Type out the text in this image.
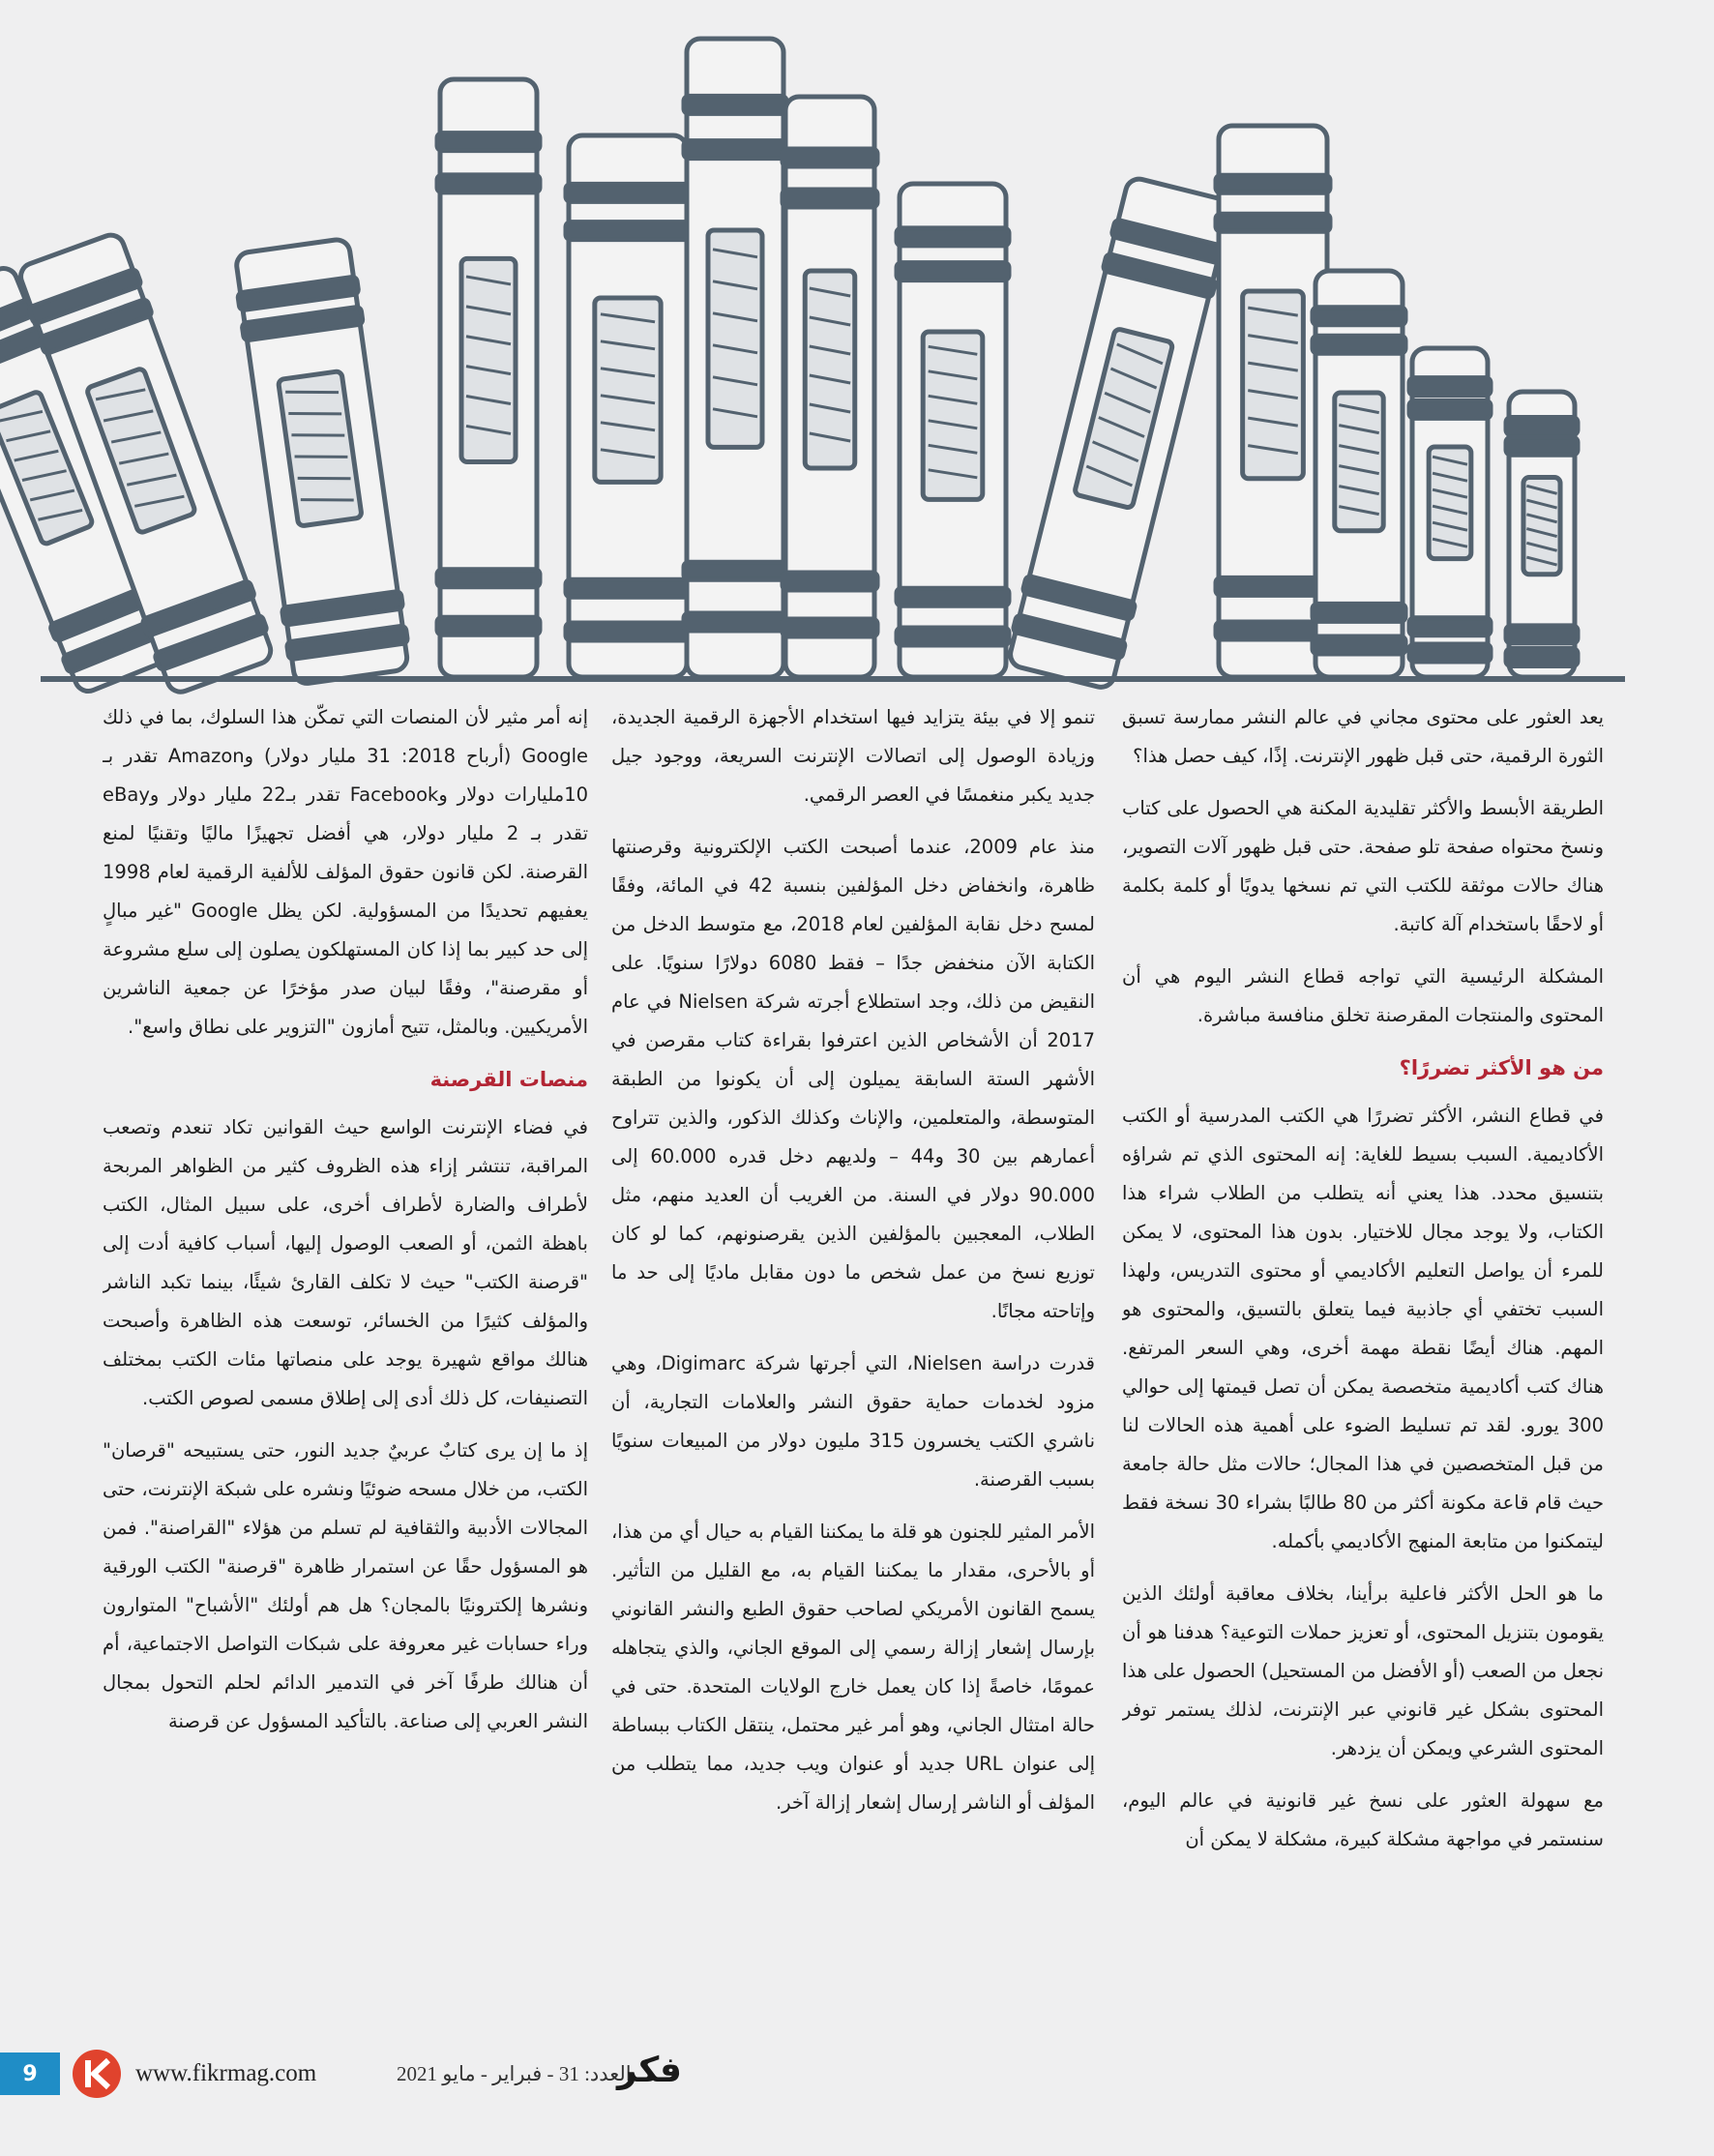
يعد العثور على محتوى مجاني في عالم النشر ممارسة تسبق الثورة الرقمية، حتى قبل ظهور الإنترنت. إذًا، كيف حصل هذا؟

الطريقة الأبسط والأكثر تقليدية المكنة هي الحصول على كتاب ونسخ محتواه صفحة تلو صفحة. حتى قبل ظهور آلات التصوير، هناك حالات موثقة للكتب التي تم نسخها يدويًا أو كلمة بكلمة أو لاحقًا باستخدام آلة كاتبة.

المشكلة الرئيسية التي تواجه قطاع النشر اليوم هي أن المحتوى والمنتجات المقرصنة تخلق منافسة مباشرة.

من هو الأكثر تضررًا؟

في قطاع النشر، الأكثر تضررًا هي الكتب المدرسية أو الكتب الأكاديمية. السبب بسيط للغاية: إنه المحتوى الذي تم شراؤه بتنسيق محدد. هذا يعني أنه يتطلب من الطلاب شراء هذا الكتاب، ولا يوجد مجال للاختيار. بدون هذا المحتوى، لا يمكن للمرء أن يواصل التعليم الأكاديمي أو محتوى التدريس، ولهذا السبب تختفي أي جاذبية فيما يتعلق بالتسيق، والمحتوى هو المهم. هناك أيضًا نقطة مهمة أخرى، وهي السعر المرتفع. هناك كتب أكاديمية متخصصة يمكن أن تصل قيمتها إلى حوالي 300 يورو. لقد تم تسليط الضوء على أهمية هذه الحالات لنا من قبل المتخصصين في هذا المجال؛ حالات مثل حالة جامعة حيث قام قاعة مكونة أكثر من 80 طالبًا بشراء 30 نسخة فقط ليتمكنوا من متابعة المنهج الأكاديمي بأكمله.

ما هو الحل الأكثر فاعلية برأينا، بخلاف معاقبة أولئك الذين يقومون بتنزيل المحتوى، أو تعزيز حملات التوعية؟ هدفنا هو أن نجعل من الصعب (أو الأفضل من المستحيل) الحصول على هذا المحتوى بشكل غير قانوني عبر الإنترنت، لذلك يستمر توفر المحتوى الشرعي ويمكن أن يزدهر.

مع سهولة العثور على نسخ غير قانونية في عالم اليوم، سنستمر في مواجهة مشكلة كبيرة، مشكلة لا يمكن أن

تنمو إلا في بيئة يتزايد فيها استخدام الأجهزة الرقمية الجديدة، وزيادة الوصول إلى اتصالات الإنترنت السريعة، ووجود جيل جديد يكبر منغمسًا في العصر الرقمي.

منذ عام 2009، عندما أصبحت الكتب الإلكترونية وقرصنتها ظاهرة، وانخفاض دخل المؤلفين بنسبة 42 في المائة، وفقًا لمسح دخل نقابة المؤلفين لعام 2018، مع متوسط الدخل من الكتابة الآن منخفض جدًا – فقط 6080 دولارًا سنويًا. على النقيض من ذلك، وجد استطلاع أجرته شركة Nielsen في عام 2017 أن الأشخاص الذين اعترفوا بقراءة كتاب مقرصن في الأشهر الستة السابقة يميلون إلى أن يكونوا من الطبقة المتوسطة، والمتعلمين، والإناث وكذلك الذكور، والذين تتراوح أعمارهم بين 30 و44 – ولديهم دخل قدره 60.000 إلى 90.000 دولار في السنة. من الغريب أن العديد منهم، مثل الطلاب، المعجبين بالمؤلفين الذين يقرصنونهم، كما لو كان توزيع نسخ من عمل شخص ما دون مقابل ماديًا إلى حد ما وإتاحته مجانًا.

قدرت دراسة Nielsen، التي أجرتها شركة Digimarc، وهي مزود لخدمات حماية حقوق النشر والعلامات التجارية، أن ناشري الكتب يخسرون 315 مليون دولار من المبيعات سنويًا بسبب القرصنة.

الأمر المثير للجنون هو قلة ما يمكننا القيام به حيال أي من هذا، أو بالأحرى، مقدار ما يمكننا القيام به، مع القليل من التأثير. يسمح القانون الأمريكي لصاحب حقوق الطبع والنشر القانوني بإرسال إشعار إزالة رسمي إلى الموقع الجاني، والذي يتجاهله عمومًا، خاصةً إذا كان يعمل خارج الولايات المتحدة. حتى في حالة امتثال الجاني، وهو أمر غير محتمل، ينتقل الكتاب ببساطة إلى عنوان URL جديد أو عنوان ويب جديد، مما يتطلب من المؤلف أو الناشر إرسال إشعار إزالة آخر.

إنه أمر مثير لأن المنصات التي تمكّن هذا السلوك، بما في ذلك Google (أرباح 2018: 31 مليار دولار) وAmazon تقدر بـ 10مليارات دولار وFacebook تقدر بـ22 مليار دولار وeBay تقدر بـ 2 مليار دولار، هي أفضل تجهيزًا ماليًا وتقنيًا لمنع القرصنة. لكن قانون حقوق المؤلف للألفية الرقمية لعام 1998 يعفيهم تحديدًا من المسؤولية. لكن يظل Google "غير مبالٍ إلى حد كبير بما إذا كان المستهلكون يصلون إلى سلع مشروعة أو مقرصنة"، وفقًا لبيان صدر مؤخرًا عن جمعية الناشرين الأمريكيين. وبالمثل، تتيح أمازون "التزوير على نطاق واسع".

منصات القرصنة

في فضاء الإنترنت الواسع حيث القوانين تكاد تنعدم وتصعب المراقبة، تنتشر إزاء هذه الظروف كثير من الظواهر المربحة لأطراف والضارة لأطراف أخرى، على سبيل المثال، الكتب باهظة الثمن، أو الصعب الوصول إليها، أسباب كافية أدت إلى "قرصنة الكتب" حيث لا تكلف القارئ شيئًا، بينما تكبد الناشر والمؤلف كثيرًا من الخسائر، توسعت هذه الظاهرة وأصبحت هنالك مواقع شهيرة يوجد على منصاتها مئات الكتب بمختلف التصنيفات، كل ذلك أدى إلى إطلاق مسمى لصوص الكتب.

إذ ما إن يرى كتابٌ عربيٌ جديد النور، حتى يستبيحه "قرصان" الكتب، من خلال مسحه ضوئيًا ونشره على شبكة الإنترنت، حتى المجالات الأدبية والثقافية لم تسلم من هؤلاء "القراصنة". فمن هو المسؤول حقًا عن استمرار ظاهرة "قرصنة" الكتب الورقية ونشرها إلكترونيًا بالمجان؟ هل هم أولئك "الأشباح" المتوارون وراء حسابات غير معروفة على شبكات التواصل الاجتماعية، أم أن هنالك طرفًا آخر في التدمير الدائم لحلم التحول بمجال النشر العربي إلى صناعة. بالتأكيد المسؤول عن قرصنة

9	www.fikrmag.com	العدد: 31 - فبراير - مايو 2021
فكر
